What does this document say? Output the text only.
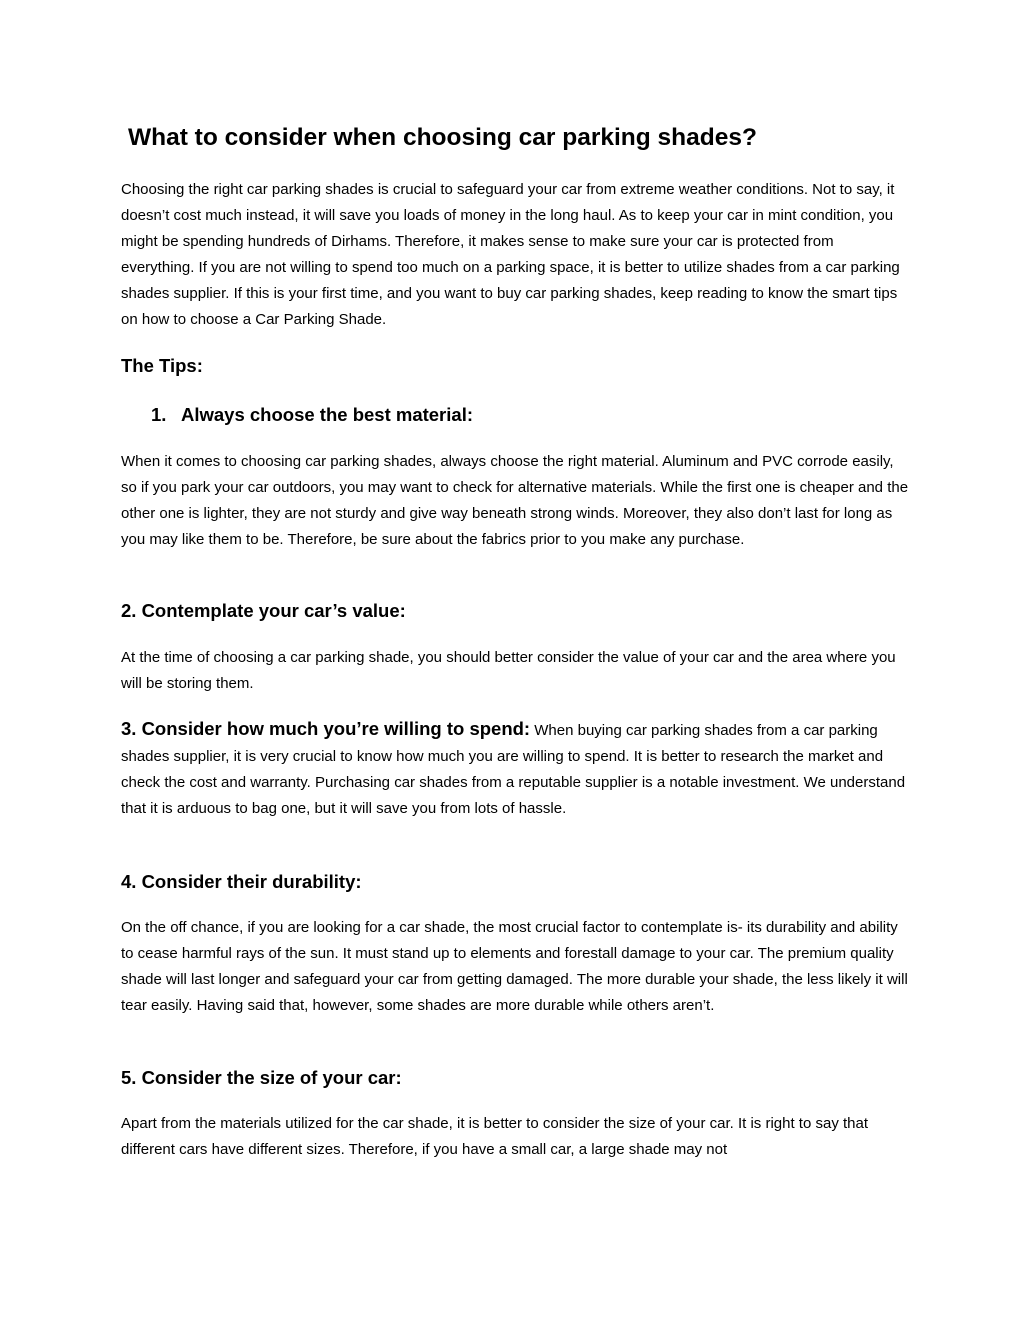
What to consider when choosing car parking shades?

Choosing the right car parking shades is crucial to safeguard your car from extreme weather conditions. Not to say, it doesn’t cost much instead, it will save you loads of money in the long haul. As to keep your car in mint condition, you might be spending hundreds of Dirhams. Therefore, it makes sense to make sure your car is protected from everything. If you are not willing to spend too much on a parking space, it is better to utilize shades from a car parking shades supplier. If this is your first time, and you want to buy car parking shades, keep reading to know the smart tips on how to choose a Car Parking Shade.

The Tips:
1. Always choose the best material:

When it comes to choosing car parking shades, always choose the right material. Aluminum and PVC corrode easily, so if you park your car outdoors, you may want to check for alternative materials. While the first one is cheaper and the other one is lighter, they are not sturdy and give way beneath strong winds. Moreover, they also don’t last for long as you may like them to be. Therefore, be sure about the fabrics prior to you make any purchase.

2. Contemplate your car’s value:

At the time of choosing a car parking shade, you should better consider the value of your car and the area where you will be storing them.

3. Consider how much you’re willing to spend: When buying car parking shades from a car parking shades supplier, it is very crucial to know how much you are willing to spend. It is better to research the market and check the cost and warranty. Purchasing car shades from a reputable supplier is a notable investment. We understand that it is arduous to bag one, but it will save you from lots of hassle.

4. Consider their durability:

On the off chance, if you are looking for a car shade, the most crucial factor to contemplate is- its durability and ability to cease harmful rays of the sun. It must stand up to elements and forestall damage to your car. The premium quality shade will last longer and safeguard your car from getting damaged. The more durable your shade, the less likely it will tear easily. Having said that, however, some shades are more durable while others aren’t.

5. Consider the size of your car:

Apart from the materials utilized for the car shade, it is better to consider the size of your car. It is right to say that different cars have different sizes. Therefore, if you have a small car, a large shade may not
